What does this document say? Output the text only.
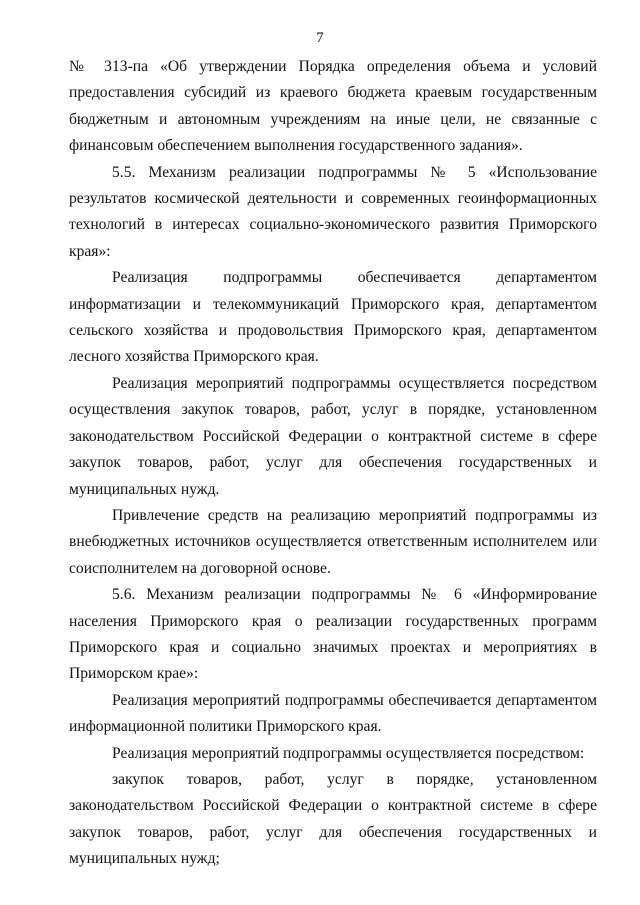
7

№ 313-па «Об утверждении Порядка определения объема и условий предоставления субсидий из краевого бюджета краевым государственным бюджетным и автономным учреждениям на иные цели, не связанные с финансовым обеспечением выполнения государственного задания».

5.5. Механизм реализации подпрограммы № 5 «Использование результатов космической деятельности и современных геоинформационных технологий в интересах социально-экономического развития Приморского края»:

Реализация подпрограммы обеспечивается департаментом информатизации и телекоммуникаций Приморского края, департаментом сельского хозяйства и продовольствия Приморского края, департаментом лесного хозяйства Приморского края.

Реализация мероприятий подпрограммы осуществляется посредством осуществления закупок товаров, работ, услуг в порядке, установленном законодательством Российской Федерации о контрактной системе в сфере закупок товаров, работ, услуг для обеспечения государственных и муниципальных нужд.

Привлечение средств на реализацию мероприятий подпрограммы из внебюджетных источников осуществляется ответственным исполнителем или соисполнителем на договорной основе.

5.6. Механизм реализации подпрограммы № 6 «Информирование населения Приморского края о реализации государственных программ Приморского края и социально значимых проектах и мероприятиях в Приморском крае»:

Реализация мероприятий подпрограммы обеспечивается департаментом информационной политики Приморского края.

Реализация мероприятий подпрограммы осуществляется посредством:

закупок товаров, работ, услуг в порядке, установленном законодательством Российской Федерации о контрактной системе в сфере закупок товаров, работ, услуг для обеспечения государственных и муниципальных нужд;
